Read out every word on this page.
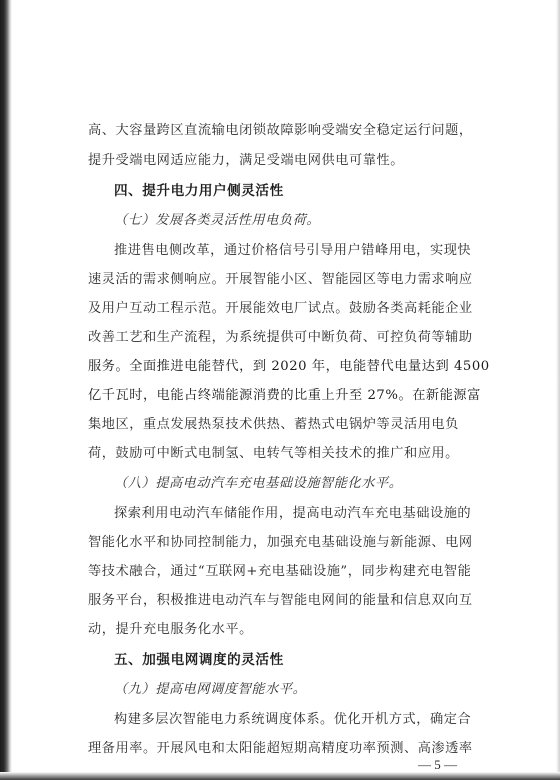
高、大容量跨区直流输电闭锁故障影响受端安全稳定运行问题，
提升受端电网适应能力，满足受端电网供电可靠性。
四、提升电力用户侧灵活性
（七）发展各类灵活性用电负荷。
推进售电侧改革，通过价格信号引导用户错峰用电，实现快
速灵活的需求侧响应。开展智能小区、智能园区等电力需求响应
及用户互动工程示范。开展能效电厂试点。鼓励各类高耗能企业
改善工艺和生产流程，为系统提供可中断负荷、可控负荷等辅助
服务。全面推进电能替代，到 2020 年，电能替代电量达到 4500
亿千瓦时，电能占终端能源消费的比重上升至 27%。在新能源富
集地区，重点发展热泵技术供热、蓄热式电锅炉等灵活用电负
荷，鼓励可中断式电制氢、电转气等相关技术的推广和应用。
（八）提高电动汽车充电基础设施智能化水平。
探索利用电动汽车储能作用，提高电动汽车充电基础设施的
智能化水平和协同控制能力，加强充电基础设施与新能源、电网
等技术融合，通过“互联网+充电基础设施”，同步构建充电智能
服务平台，积极推进电动汽车与智能电网间的能量和信息双向互
动，提升充电服务化水平。
五、加强电网调度的灵活性
（九）提高电网调度智能水平。
构建多层次智能电力系统调度体系。优化开机方式，确定合
理备用率。开展风电和太阳能超短期高精度功率预测、高渗透率
— 5 —
